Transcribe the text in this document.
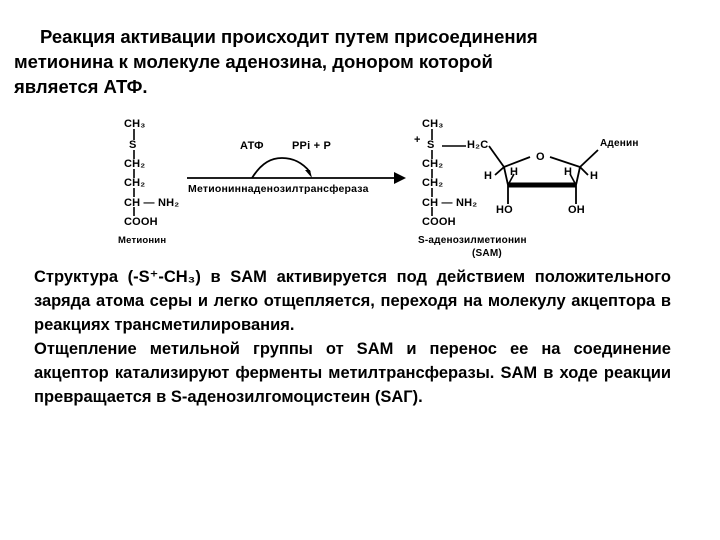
Реакция активации происходит путем присоединения

метионина к молекуле аденозина, донором которой

является АТФ.

CH₃
S
CH₂
CH₂
CH — NH₂
COOH
Метионин
АТФ	PPi + P
Метиониннаденозилтрансфераза
CH₃
+ S	H₂C
CH₂
CH₂
CH — NH₂
COOH
O
Аденин
H H	H H
HO	OH
S-аденозилметионин
(SAM)

Структура (-S⁺-CH₃) в SAM активируется под действием положительного заряда атома серы и легко отщепляется, переходя на молекулу акцептора в реакциях трансметилирования.

Отщепление метильной группы от SAM и перенос ее на соединение акцептор катализируют ферменты метилтрансферазы. SAM в ходе реакции превращается в S-аденозилгомоцистеин (SАГ).
